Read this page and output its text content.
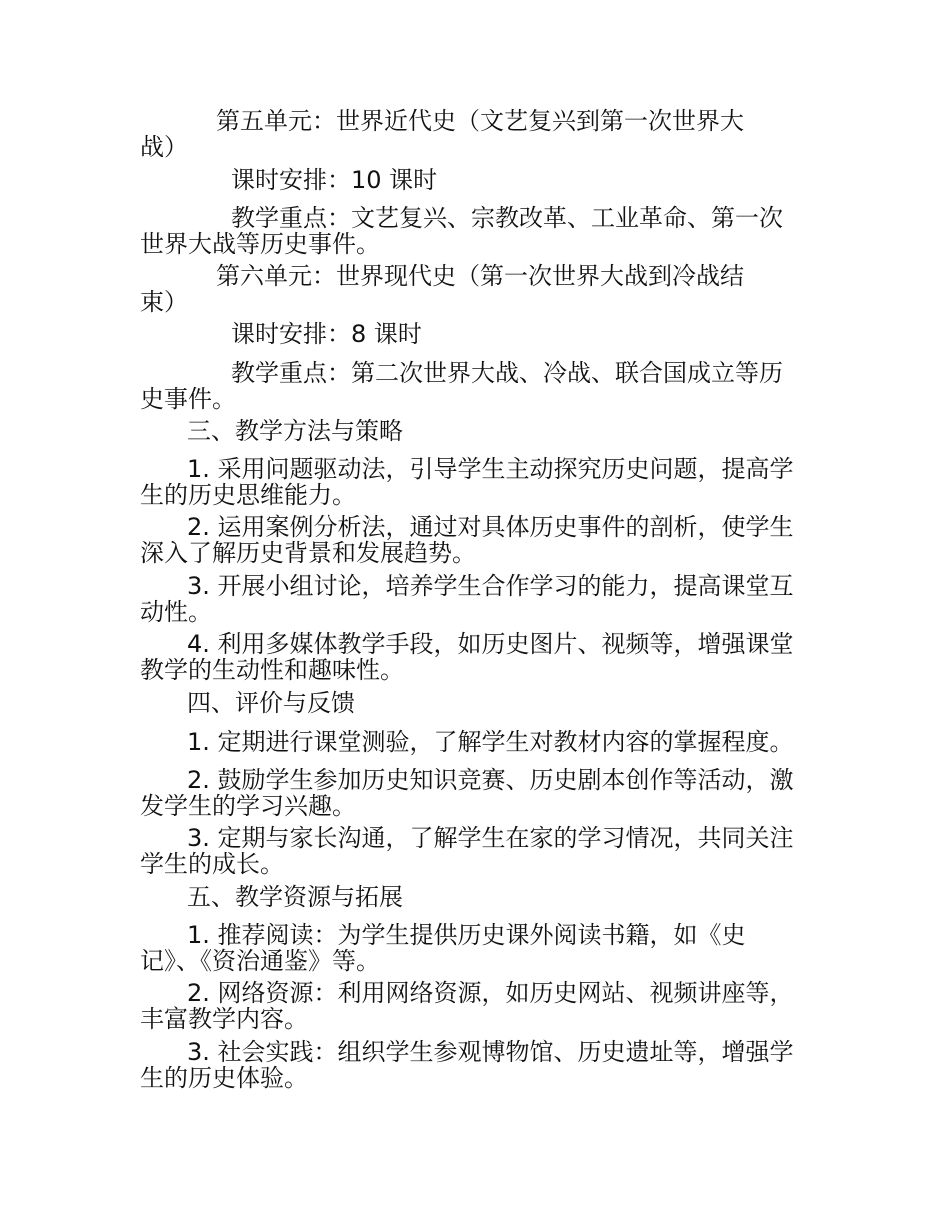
第五单元：世界近代史（文艺复兴到第一次世界大
战）
课时安排：10 课时
教学重点：文艺复兴、宗教改革、工业革命、第一次
世界大战等历史事件。
第六单元：世界现代史（第一次世界大战到冷战结
束）
课时安排：8 课时
教学重点：第二次世界大战、冷战、联合国成立等历
史事件。
三、教学方法与策略
1. 采用问题驱动法，引导学生主动探究历史问题，提高学
生的历史思维能力。
2. 运用案例分析法，通过对具体历史事件的剖析，使学生
深入了解历史背景和发展趋势。
3. 开展小组讨论，培养学生合作学习的能力，提高课堂互
动性。
4. 利用多媒体教学手段，如历史图片、视频等，增强课堂
教学的生动性和趣味性。
四、评价与反馈
1. 定期进行课堂测验，了解学生对教材内容的掌握程度。
2. 鼓励学生参加历史知识竞赛、历史剧本创作等活动，激
发学生的学习兴趣。
3. 定期与家长沟通，了解学生在家的学习情况，共同关注
学生的成长。
五、教学资源与拓展
1. 推荐阅读：为学生提供历史课外阅读书籍，如《史
记》、《资治通鉴》等。
2. 网络资源：利用网络资源，如历史网站、视频讲座等，
丰富教学内容。
3. 社会实践：组织学生参观博物馆、历史遗址等，增强学
生的历史体验。
